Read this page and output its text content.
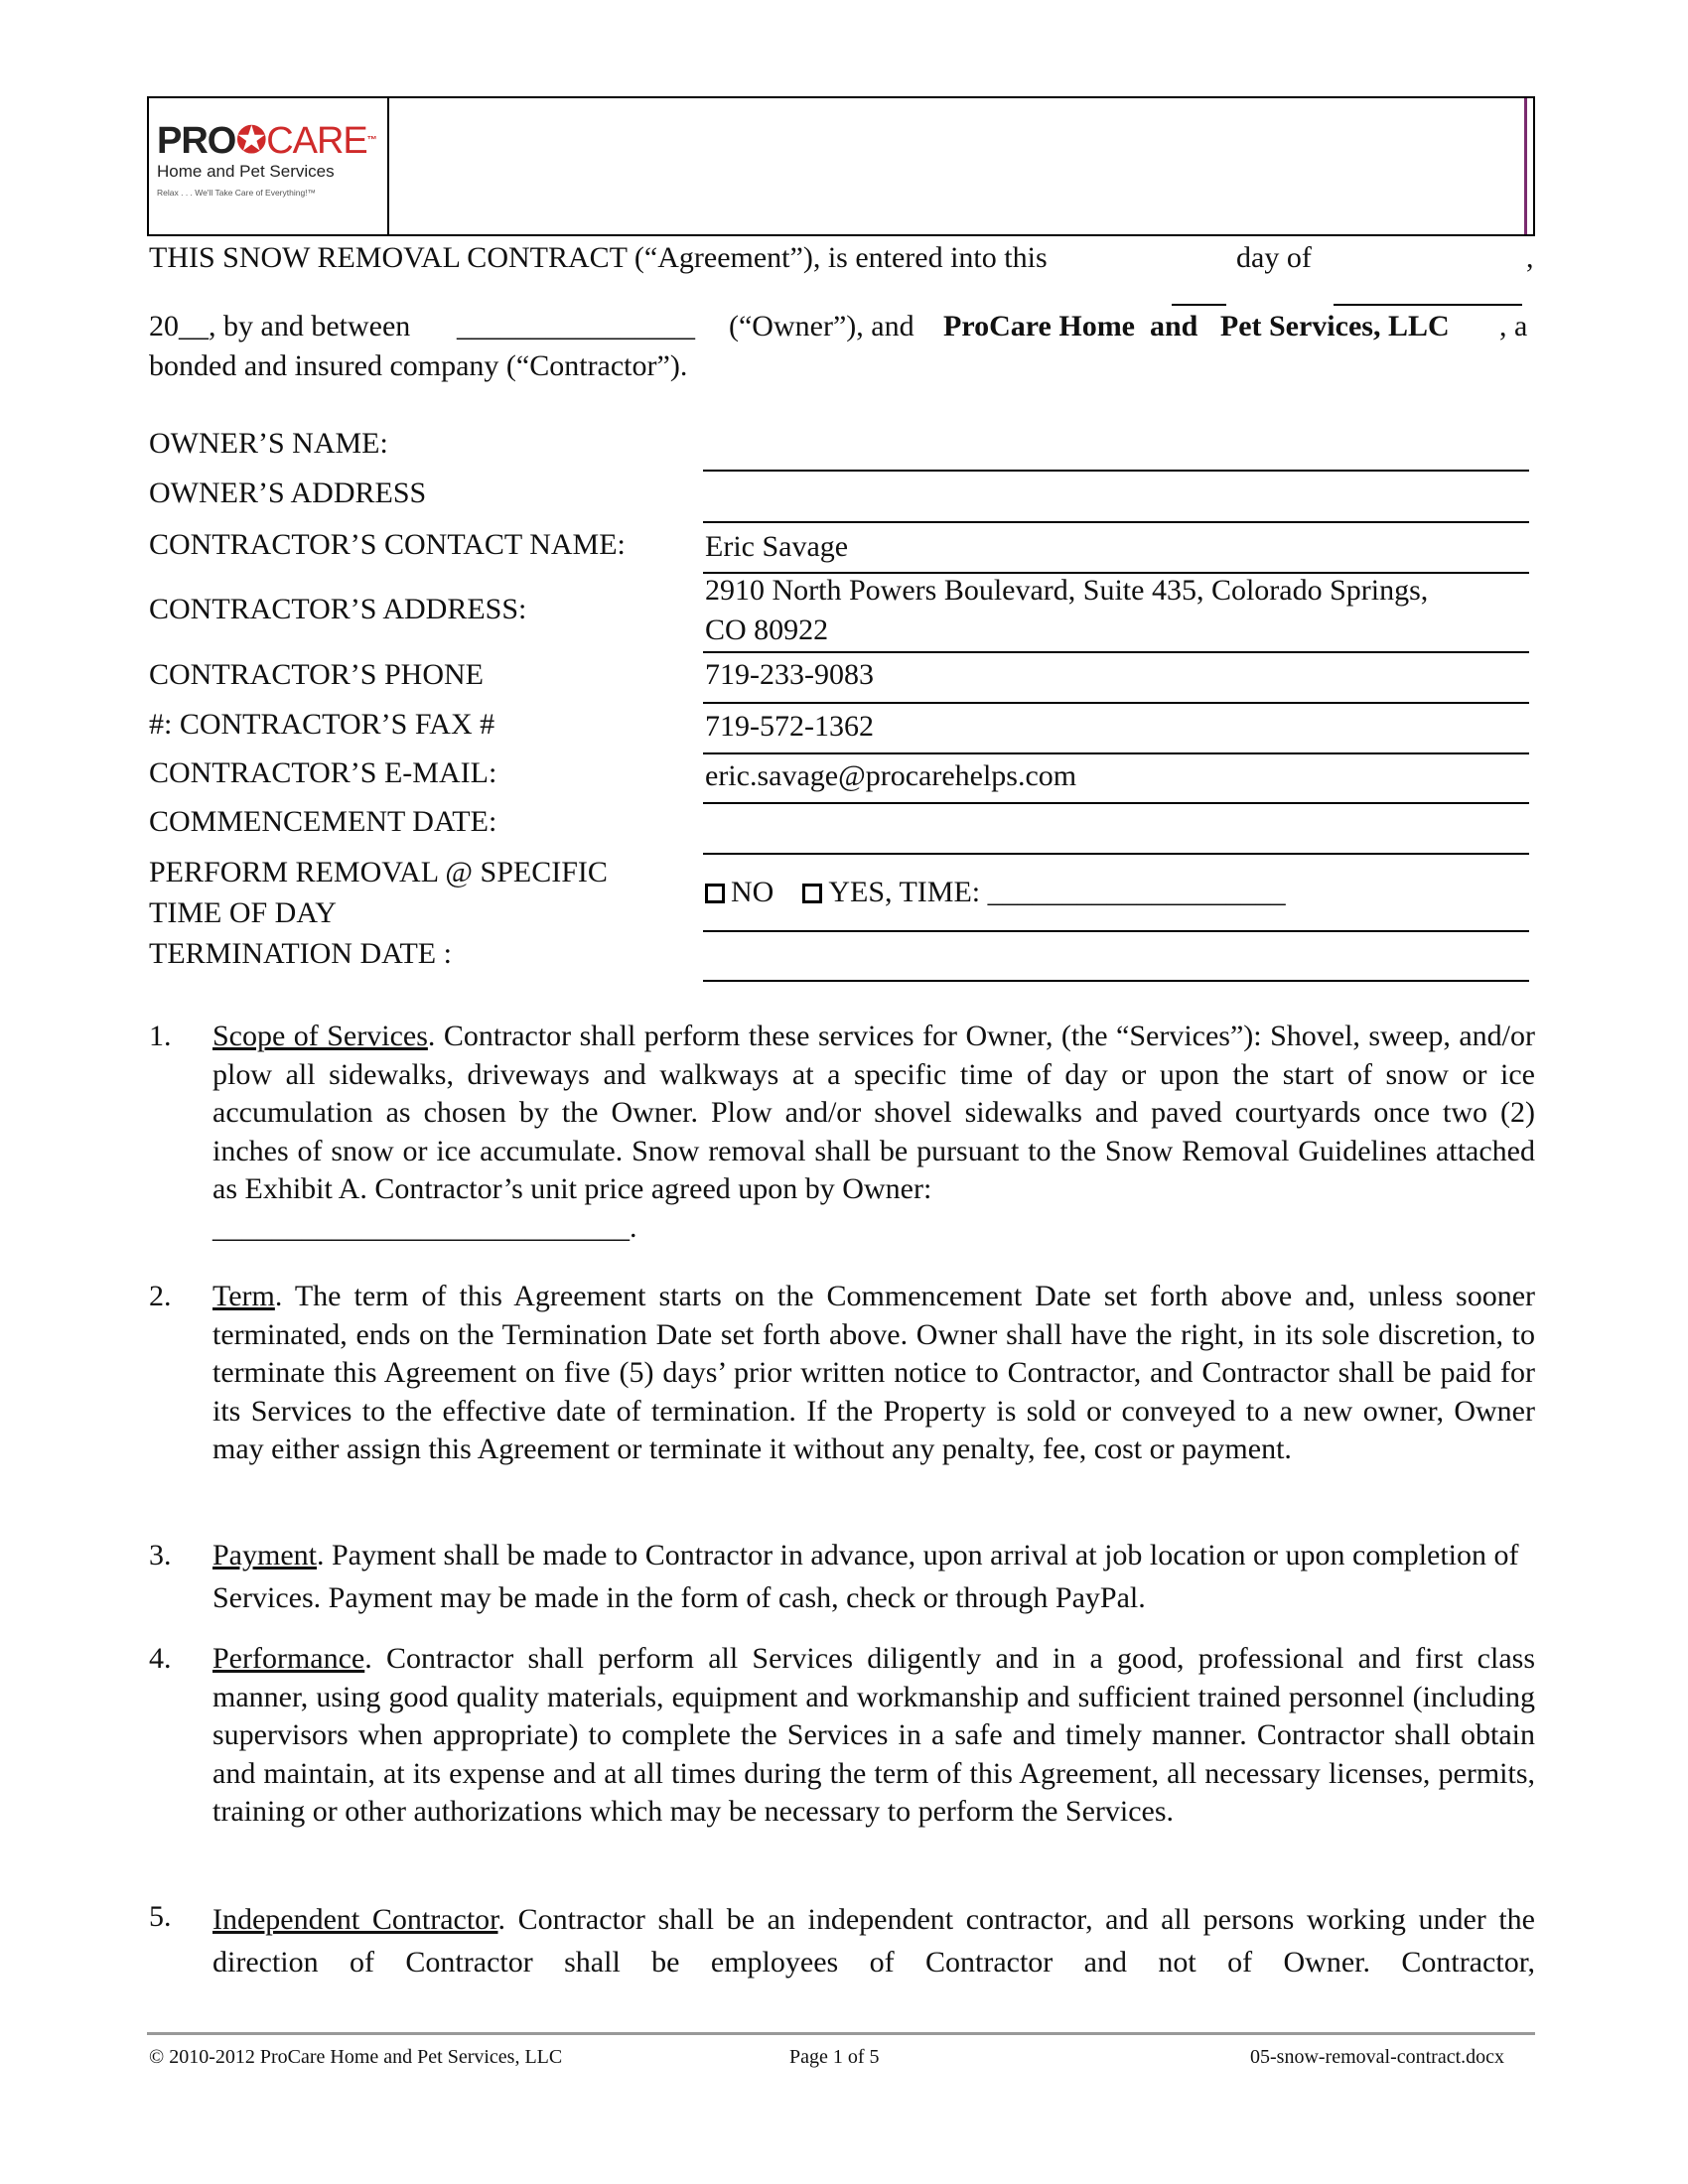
PRO✪CARE™
Home and Pet Services
Relax . . . We'll Take Care of Everything!™
THIS SNOW REMOVAL CONTRACT (“Agreement”), is entered into this	day of	,
20__, by and between ________________ (“Owner”), and ProCare Home  and   Pet Services, LLC , a
bonded and insured company (“Contractor”).
OWNER’S NAME:
OWNER’S ADDRESS
CONTRACTOR’S CONTACT NAME:	Eric Savage
CONTRACTOR’S ADDRESS:
2910 North Powers Boulevard, Suite 435, Colorado Springs,
CO 80922
CONTRACTOR’S PHONE	719-233-9083
#: CONTRACTOR’S FAX #	719-572-1362
CONTRACTOR’S E-MAIL:	eric.savage@procarehelps.com
COMMENCEMENT DATE:
PERFORM REMOVAL @ SPECIFIC
TIME OF DAY
NO YES, TIME: ____________________
TERMINATION DATE :
1. Scope of Services. Contractor shall perform these services for Owner, (the “Services”): Shovel, sweep, and/or plow all sidewalks, driveways and walkways at a specific time of day or upon the start of snow or ice accumulation as chosen by the Owner. Plow and/or shovel sidewalks and paved courtyards once two (2) inches of snow or ice accumulate. Snow removal shall be pursuant to the Snow Removal Guidelines attached as Exhibit A. Contractor’s unit price agreed upon by Owner:
____________________________.
2. Term. The term of this Agreement starts on the Commencement Date set forth above and, unless sooner terminated, ends on the Termination Date set forth above. Owner shall have the right, in its sole discretion, to terminate this Agreement on five (5) days’ prior written notice to Contractor, and Contractor shall be paid for its Services to the effective date of termination. If the Property is sold or conveyed to a new owner, Owner may either assign this Agreement or terminate it without any penalty, fee, cost or payment.
3. Payment. Payment shall be made to Contractor in advance, upon arrival at job location or upon completion of Services. Payment may be made in the form of cash, check or through PayPal.
4. Performance. Contractor shall perform all Services diligently and in a good, professional and first class manner, using good quality materials, equipment and workmanship and sufficient trained personnel (including supervisors when appropriate) to complete the Services in a safe and timely manner. Contractor shall obtain and maintain, at its expense and at all times during the term of this Agreement, all necessary licenses, permits, training or other authorizations which may be necessary to perform the Services.
5. Independent Contractor. Contractor shall be an independent contractor, and all persons working under the direction of Contractor shall be employees of Contractor and not of Owner. Contractor,
© 2010-2012 ProCare Home and Pet Services, LLC	Page 1 of 5	05-snow-removal-contract.docx
